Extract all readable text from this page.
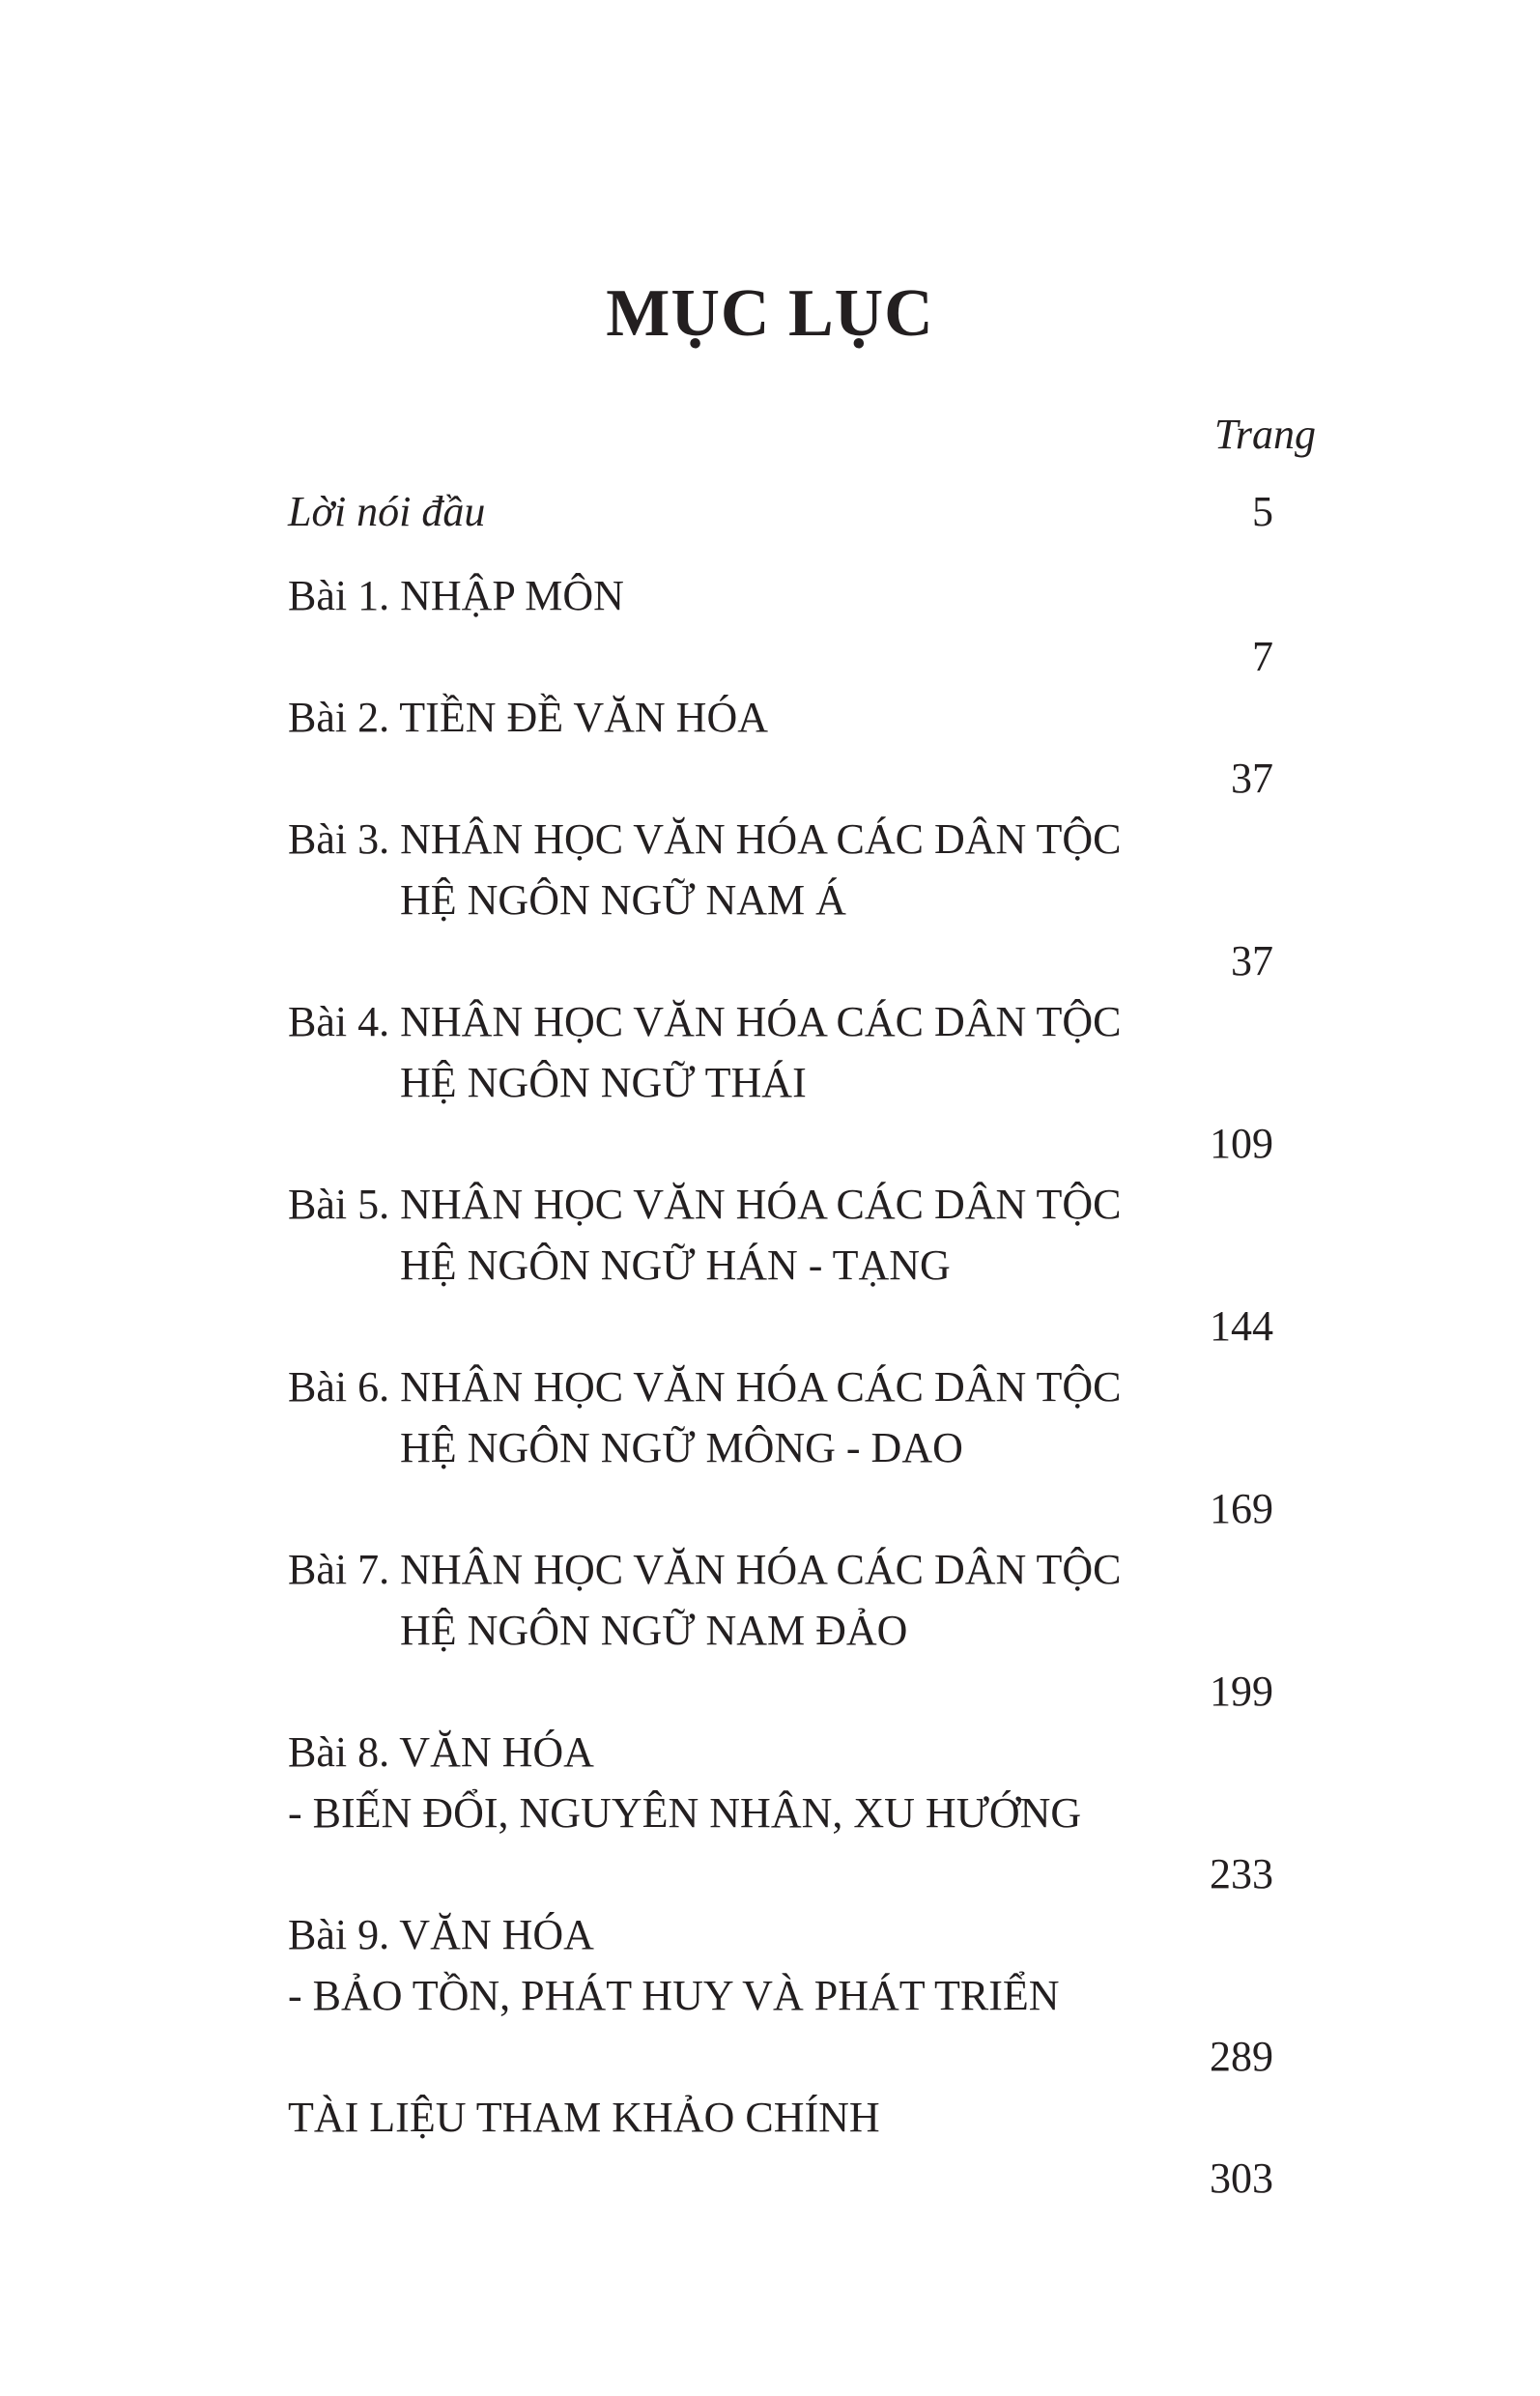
MỤC LỤC
Trang
Lời nói đầu	5
Bài 1. NHẬP MÔN
7
Bài 2. TIỀN ĐỀ VĂN HÓA
37
Bài 3. NHÂN HỌC VĂN HÓA CÁC DÂN TỘC
HỆ NGÔN NGỮ NAM Á
37
Bài 4. NHÂN HỌC VĂN HÓA CÁC DÂN TỘC
HỆ NGÔN NGỮ THÁI
109
Bài 5. NHÂN HỌC VĂN HÓA CÁC DÂN TỘC
HỆ NGÔN NGỮ HÁN - TẠNG
144
Bài 6. NHÂN HỌC VĂN HÓA CÁC DÂN TỘC
HỆ NGÔN NGỮ MÔNG - DAO
169
Bài 7. NHÂN HỌC VĂN HÓA CÁC DÂN TỘC
HỆ NGÔN NGỮ NAM ĐẢO
199
Bài 8. VĂN HÓA
- BIẾN ĐỔI, NGUYÊN NHÂN, XU HƯỚNG
233
Bài 9. VĂN HÓA
- BẢO TỒN, PHÁT HUY VÀ PHÁT TRIỂN
289
TÀI LIỆU THAM KHẢO CHÍNH
303
